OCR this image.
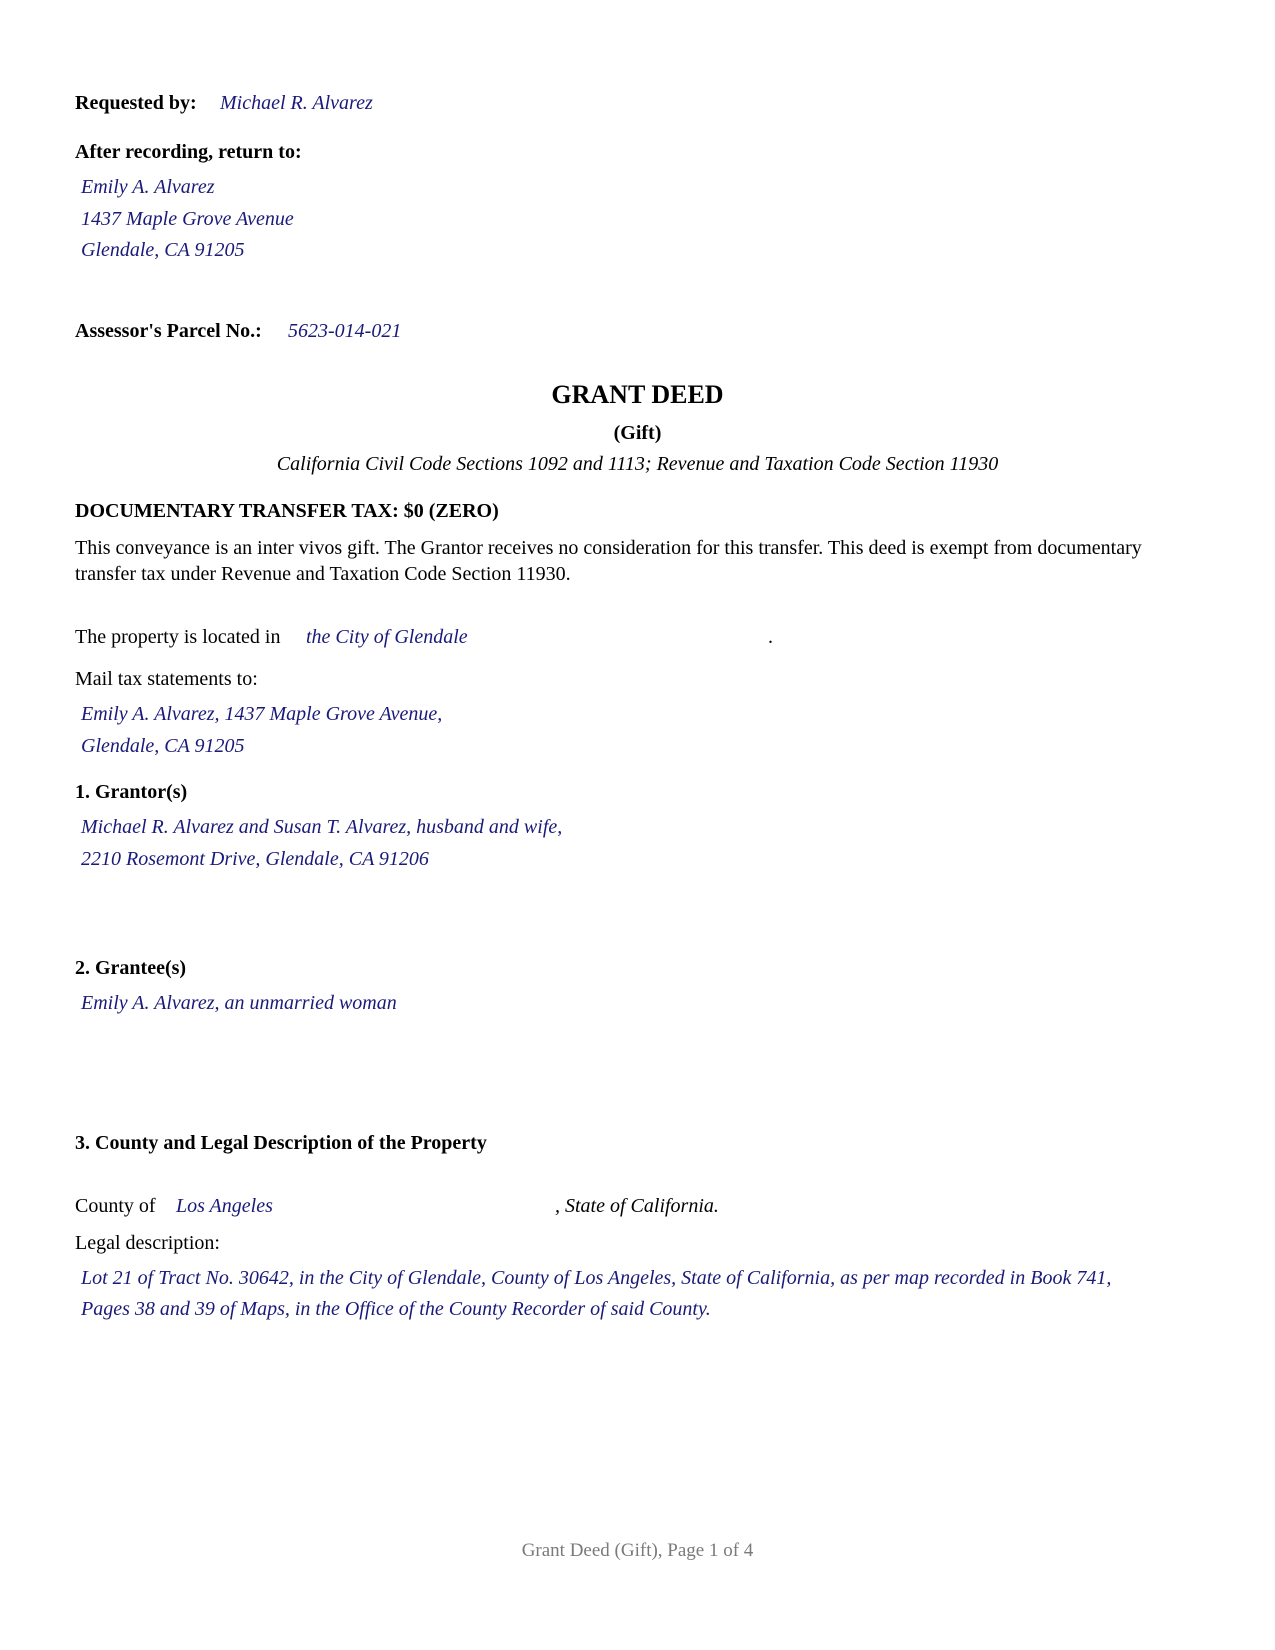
Requested by: Michael R. Alvarez
After recording, return to:
Emily A. Alvarez
1437 Maple Grove Avenue
Glendale, CA 91205
Assessor's Parcel No.: 5623-014-021
GRANT DEED
(Gift)
California Civil Code Sections 1092 and 1113; Revenue and Taxation Code Section 11930
DOCUMENTARY TRANSFER TAX: $0 (ZERO)
This conveyance is an inter vivos gift. The Grantor receives no consideration for this transfer. This deed is exempt from documentary transfer tax under Revenue and Taxation Code Section 11930.
The property is located in the City of Glendale	.
Mail tax statements to:
Emily A. Alvarez, 1437 Maple Grove Avenue,
Glendale, CA 91205
1. Grantor(s)
Michael R. Alvarez and Susan T. Alvarez, husband and wife,
2210 Rosemont Drive, Glendale, CA 91206
2. Grantee(s)
Emily A. Alvarez, an unmarried woman
3. County and Legal Description of the Property
County of Los Angeles	, State of California.
Legal description:
Lot 21 of Tract No. 30642, in the City of Glendale, County of Los Angeles, State of California, as per map recorded in Book 741,
Pages 38 and 39 of Maps, in the Office of the County Recorder of said County.
Grant Deed (Gift), Page 1 of 4
